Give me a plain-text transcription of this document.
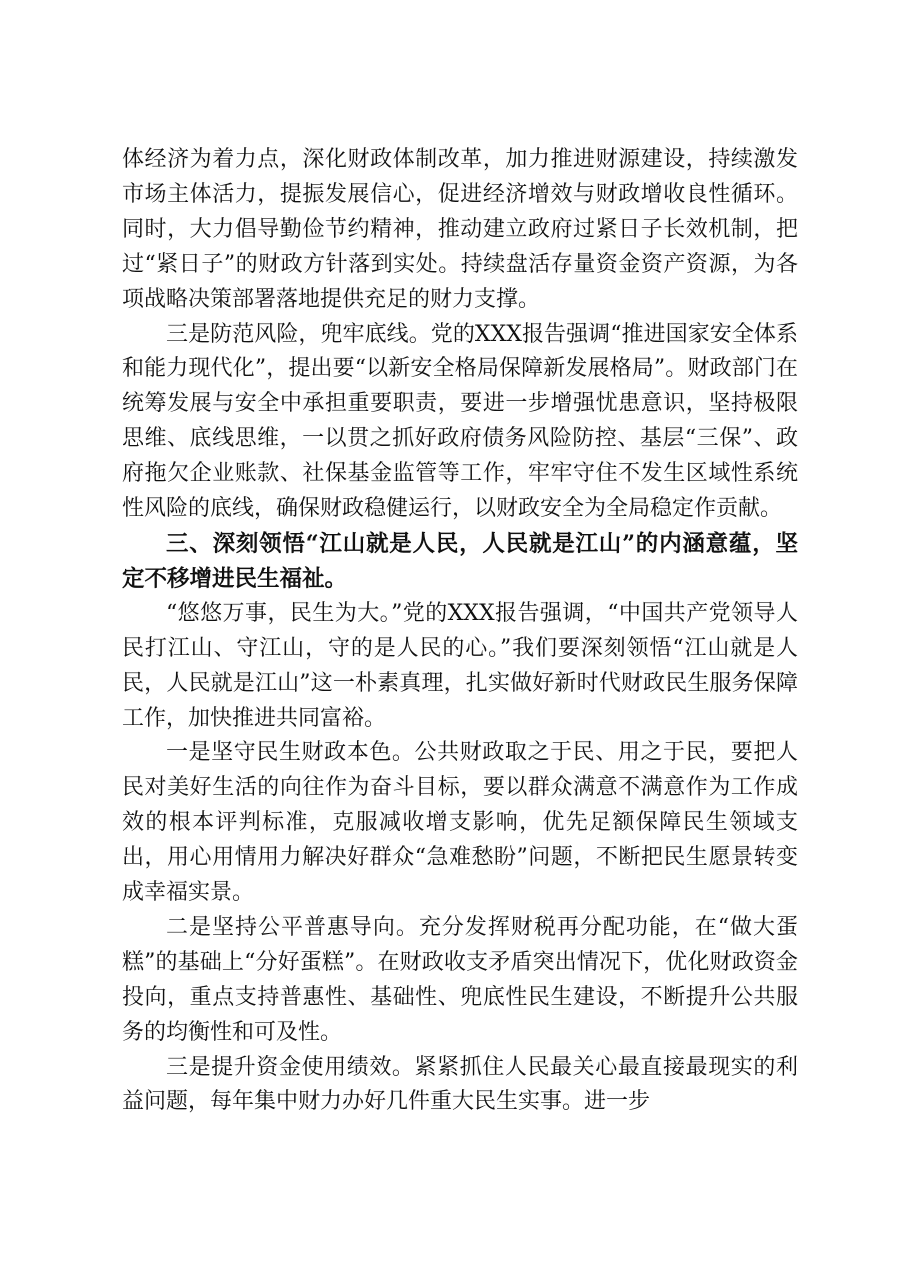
体经济为着力点，深化财政体制改革，加力推进财源建设，持续激发市场主体活力，提振发展信心，促进经济增效与财政增收良性循环。同时，大力倡导勤俭节约精神，推动建立政府过紧日子长效机制，把过“紧日子”的财政方针落到实处。持续盘活存量资金资产资源，为各项战略决策部署落地提供充足的财力支撑。

三是防范风险，兜牢底线。党的XXX报告强调“推进国家安全体系和能力现代化”，提出要“以新安全格局保障新发展格局”。财政部门在统筹发展与安全中承担重要职责，要进一步增强忧患意识，坚持极限思维、底线思维，一以贯之抓好政府债务风险防控、基层“三保”、政府拖欠企业账款、社保基金监管等工作，牢牢守住不发生区域性系统性风险的底线，确保财政稳健运行，以财政安全为全局稳定作贡献。

三、深刻领悟“江山就是人民，人民就是江山”的内涵意蕴，坚定不移增进民生福祉。

“悠悠万事，民生为大。”党的XXX报告强调，“中国共产党领导人民打江山、守江山，守的是人民的心。”我们要深刻领悟“江山就是人民，人民就是江山”这一朴素真理，扎实做好新时代财政民生服务保障工作，加快推进共同富裕。

一是坚守民生财政本色。公共财政取之于民、用之于民，要把人民对美好生活的向往作为奋斗目标，要以群众满意不满意作为工作成效的根本评判标准，克服减收增支影响，优先足额保障民生领域支出，用心用情用力解决好群众“急难愁盼”问题，不断把民生愿景转变成幸福实景。

二是坚持公平普惠导向。充分发挥财税再分配功能，在“做大蛋糕”的基础上“分好蛋糕”。在财政收支矛盾突出情况下，优化财政资金投向，重点支持普惠性、基础性、兜底性民生建设，不断提升公共服务的均衡性和可及性。

三是提升资金使用绩效。紧紧抓住人民最关心最直接最现实的利益问题，每年集中财力办好几件重大民生实事。进一步
